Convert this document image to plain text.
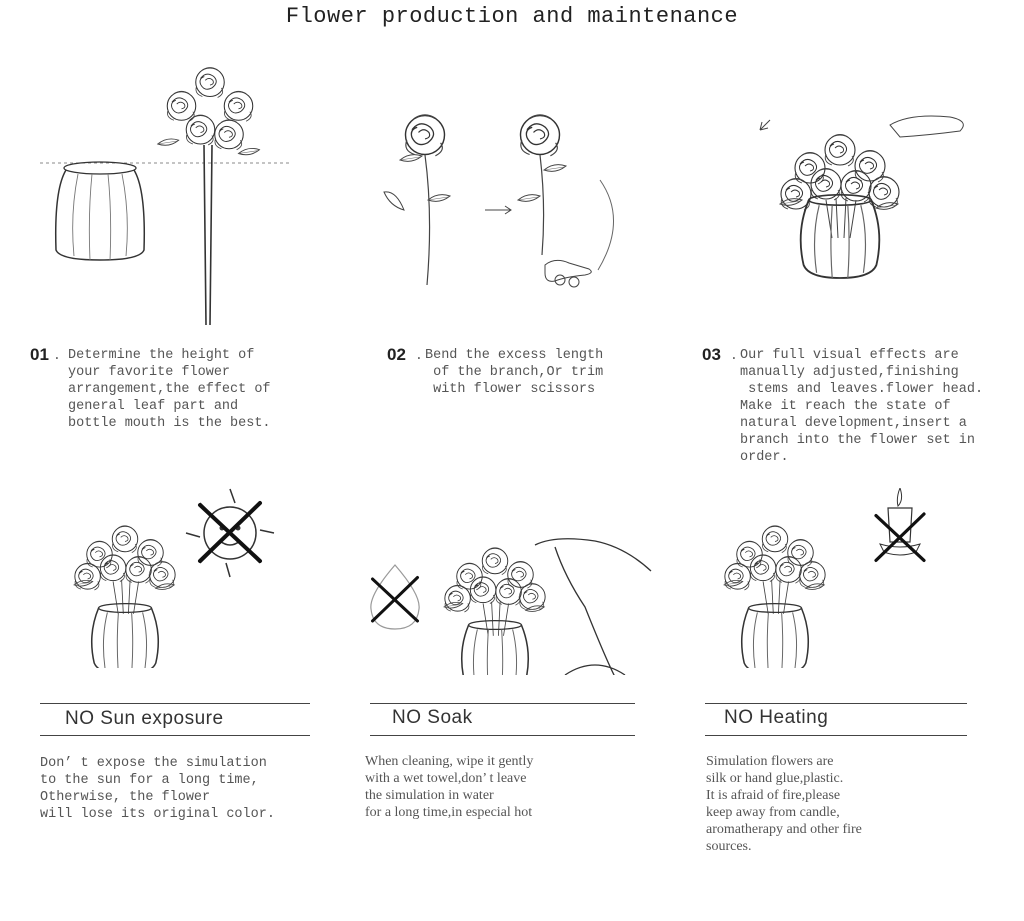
Flower production and maintenance
01 . Determine the height of
your favorite flower
arrangement,the effect of
general leaf part and
bottle mouth is the best.
02 . Bend the excess length
of the branch,Or trim
with flower scissors
03 . Our full visual effects are
manually adjusted,finishing
stems and leaves.flower head.
Make it reach the state of
natural development,insert a
branch into the flower set in
order.
NO Sun exposure	NO Soak	NO Heating
Don’ t expose the simulation
to the sun for a long time,
Otherwise, the flower
will lose its original color.
When cleaning, wipe it gently
with a wet towel,don’ t leave
the simulation in water
for a long time,in especial hot
Simulation flowers are
silk or hand glue,plastic.
It is afraid of fire,please
keep away from candle,
aromatherapy and other fire
sources.
